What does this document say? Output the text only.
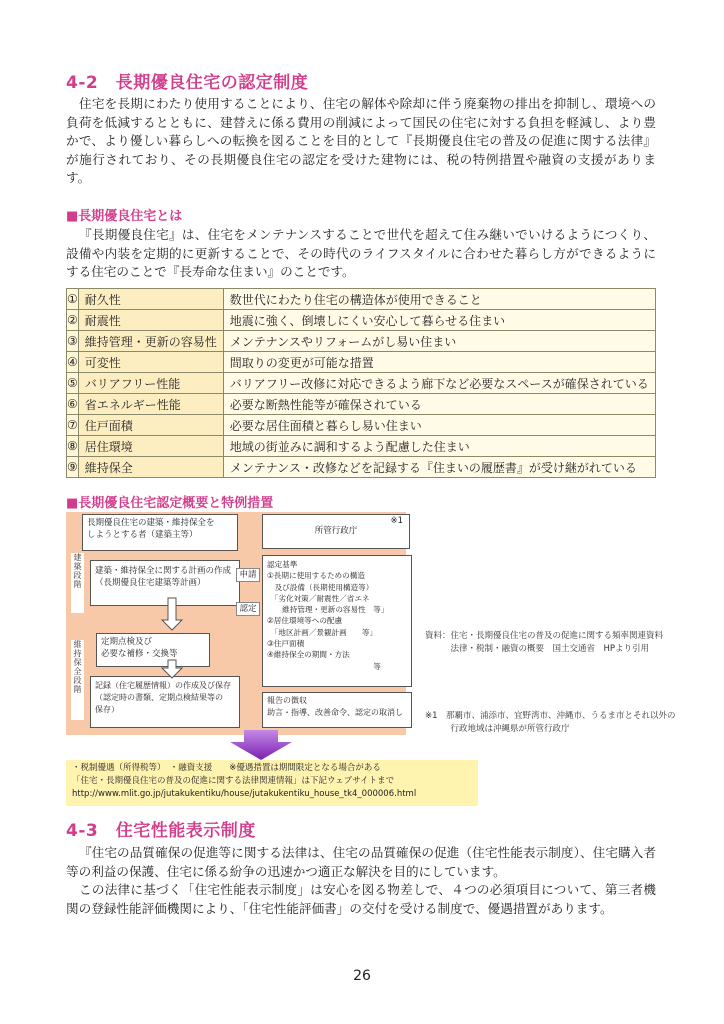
4-2　長期優良住宅の認定制度

住宅を長期にわたり使用することにより、住宅の解体や除却に伴う廃棄物の排出を抑制し、環境への負荷を低減するとともに、建替えに係る費用の削減によって国民の住宅に対する負担を軽減し、より豊かで、より優しい暮らしへの転換を図ることを目的として『長期優良住宅の普及の促進に関する法律』が施行されており、その長期優良住宅の認定を受けた建物には、税の特例措置や融資の支援があります。

■長期優良住宅とは

『長期優良住宅』は、住宅をメンテナンスすることで世代を超えて住み継いでいけるようにつくり、設備や内装を定期的に更新することで、その時代のライフスタイルに合わせた暮らし方ができるようにする住宅のことで『長寿命な住まい』のことです。

①	耐久性	数世代にわたり住宅の構造体が使用できること
②	耐震性	地震に強く、倒壊しにくい安心して暮らせる住まい
③	維持管理・更新の容易性	メンテナンスやリフォームがし易い住まい
④	可変性	間取りの変更が可能な措置
⑤	バリアフリー性能	バリアフリー改修に対応できるよう廊下など必要なスペースが確保されている
⑥	省エネルギー性能	必要な断熱性能等が確保されている
⑦	住戸面積	必要な居住面積と暮らし易い住まい
⑧	居住環境	地域の街並みに調和するよう配慮した住まい
⑨	維持保全	メンテナンス・改修などを記録する『住まいの履歴書』が受け継がれている
■長期優良住宅認定概要と特例措置
長期優良住宅の建築・維持保全を
しようとする者（建築主等）	所管行政庁
※1
建築段階
維持保全段階
建築・維持保全に関する計画の作成
（長期優良住宅建築等計画）
申請
認定
認定基準
①長期に使用するための構造
　及び設備（長期使用構造等）
　「劣化対策／耐震性／省エネ
　　維持管理・更新の容易性　等」
②居住環境等への配慮
　「地区計画／景観計画　　等」
③住戸面積
④維持保全の期間・方法
　　　　　　　　　　　　　　等
定期点検及び
必要な補修・交換等
記録（住宅履歴情報）の作成及び保存
（認定時の書類、定期点検結果等の
保存）
報告の徴収
助言・指導、改善命令、認定の取消し
資料：住宅・長期優良住宅の普及の促進に関する頻率関連資料
　　　法律・税制・融資の概要　国土交通省　HPより引用
※1　那覇市、浦添市、宜野湾市、沖縄市、うるま市とそれ以外の
　　　行政地域は沖縄県が所管行政庁
・税制優遇（所得税等）　・融資支援　　※優遇措置は期間限定となる場合がある
「住宅・長期優良住宅の普及の促進に関する法律関連情報」は下記ウェブサイトまで
http://www.mlit.go.jp/jutakukentiku/house/jutakukentiku_house_tk4_000006.html
4-3　住宅性能表示制度

『住宅の品質確保の促進等に関する法律は、住宅の品質確保の促進（住宅性能表示制度）、住宅購入者等の利益の保護、住宅に係る紛争の迅速かつ適正な解決を目的にしています。

この法律に基づく「住宅性能表示制度」は安心を図る物差しで、４つの必須項目について、第三者機関の登録性能評価機関により、「住宅性能評価書」の交付を受ける制度で、優遇措置があります。

26
